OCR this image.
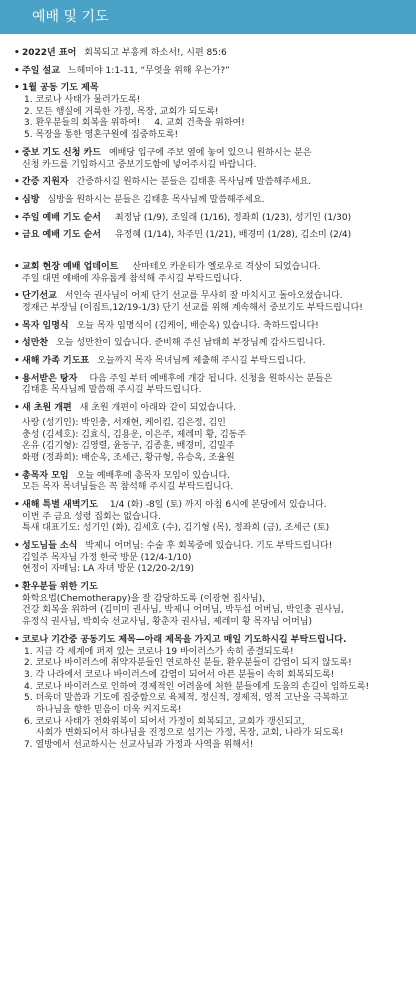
예배 및 기도
• 2022년 표어 회복되고 부흥케 하소서!, 시편 85:6
• 주일 설교 느헤미야 1:1-11, “무엇을 위해 우는가?”
• 1월 공동 기도 제목
1. 코로나 사태가 물러가도록!
2. 모든 행실에 거룩한 가정, 목장, 교회가 되도록!
3. 환우분들의 회복을 위하여! 4. 교회 건축을 위하여!
5. 목장을 통한 영혼구원에 집중하도록!
• 중보 기도 신청 카드 예배당 입구에 주보 옆에 놓여 있으니 원하시는 분은
신청 카드를 기입하시고 중보기도함에 넣어주시길 바랍니다.
• 간증 지원자 간증하시길 원하시는 분들은 김태훈 목사님께 말씀해주세요.
• 심방 심방을 원하시는 분들은 김태훈 목사님께 말씀해주세요.
• 주일 예배 기도 순서 최정남 (1/9), 조일래 (1/16), 정좌희 (1/23), 성기인 (1/30)
• 금요 예배 기도 순서 유정혜 (1/14), 차주민 (1/21), 배경미 (1/28), 김소미 (2/4)
• 교회 현장 예배 업데이트 산마테오 카운티가 옐로우로 격상이 되었습니다.
주일 대면 예배에 자유롭게 참석해 주시길 부탁드립니다.
• 단기선교 서인숙 권사님이 어제 단기 선교를 무사히 잘 마치시고 돌아오셨습니다.
정재근 부장님 (이집트,12/19-1/3) 단기 선교를 위해 계속해서 중보기도 부탁드립니다!
• 목자 임명식 오늘 목자 임명식이 (김케이, 배순옥) 있습니다. 축하드립니다!
• 성만찬 오늘 성만찬이 있습니다. 준비해 주신 남태희 부장님께 감사드립니다.
• 새해 가족 기도표 오늘까지 목자 목녀님께 제출해 주시길 부탁드립니다.
• 용서받은 탕자 다음 주일 부터 예배후에 개강 됩니다. 신청을 원하시는 분들은
김태훈 목사님께 말씀해 주시길 부탁드립니다.
• 새 초원 개편 새 초원 개편이 아래와 같이 되었습니다.
사랑 (성기인): 박인충, 서재현, 케이킴, 김은정, 김인
충성 (김세호): 김효식, 김용운, 이은주, 제레미 황, 김동주
온유 (김기형): 김영렬, 윤동구, 김종훈, 배경미, 김밀주
화평 (정좌희): 배순옥, 조세근, 황규형, 유승옥, 조율원
• 총목자 모임 오늘 예배후에 총목자 모임이 있습니다.
모든 목자 목녀님들은 꼭 참석해 주시길 부탁드립니다.
• 새해 특별 새벽기도 1/4 (화) -8일 (토) 까지 아침 6시에 본당에서 있습니다.
이번 주 금요 성령 집회는 없습니다.
특새 대표기도: 성기인 (화), 김세호 (수), 김기형 (목), 정좌희 (금), 조세근 (토)
• 성도님들 소식 박제니 어머님: 수술 후 회복중에 있습니다. 기도 부탁드립니다!
김일주 목자님 가정 한국 방문 (12/4-1/10)
현정이 자매님: LA 자녀 방문 (12/20-2/19)
• 환우분들 위한 기도
화학요법(Chemotherapy)을 잘 감당하도록 (이광현 집사님),
건강 회복을 위하여 (김미미 권사님, 박제니 어머님, 박두섭 어버님, 박인충 권사님,
유정식 권사님, 박희숙 선교사님, 황춘자 권사님, 제레미 황 목자님 어머님)
• 코로나 기간중 공동기도 제목—아래 제목을 가지고 매일 기도하시길 부탁드립니다.
1. 지금 각 세계에 퍼져 있는 코로나 19 바이러스가 속히 종결되도록!
2. 코로나 바이러스에 취약자분들인 연로하신 분들, 환우분들이 감염이 되지 않도록!
3. 각 나라에서 코로나 바이러스에 감염이 되어서 아픈 분들이 속히 회복되도록!
4. 코로나 바이러스로 인하여 경제적인 어려움에 처한 분들에게 도움의 손길이 임하도록!
5. 더욱더 말씀과 기도에 집중함으로 육체적, 정신적, 경제적, 영적 고난을 극복하고
하나님을 향한 믿음이 더욱 커지도록!
6. 코로나 사태가 전화위복이 되어서 가정이 회복되고, 교회가 갱신되고,
사회가 변화되어서 하나님을 진정으로 섬기는 가정, 목장, 교회, 나라가 되도록!
7. 열방에서 선교하시는 선교사님과 가정과 사역을 위해서!
